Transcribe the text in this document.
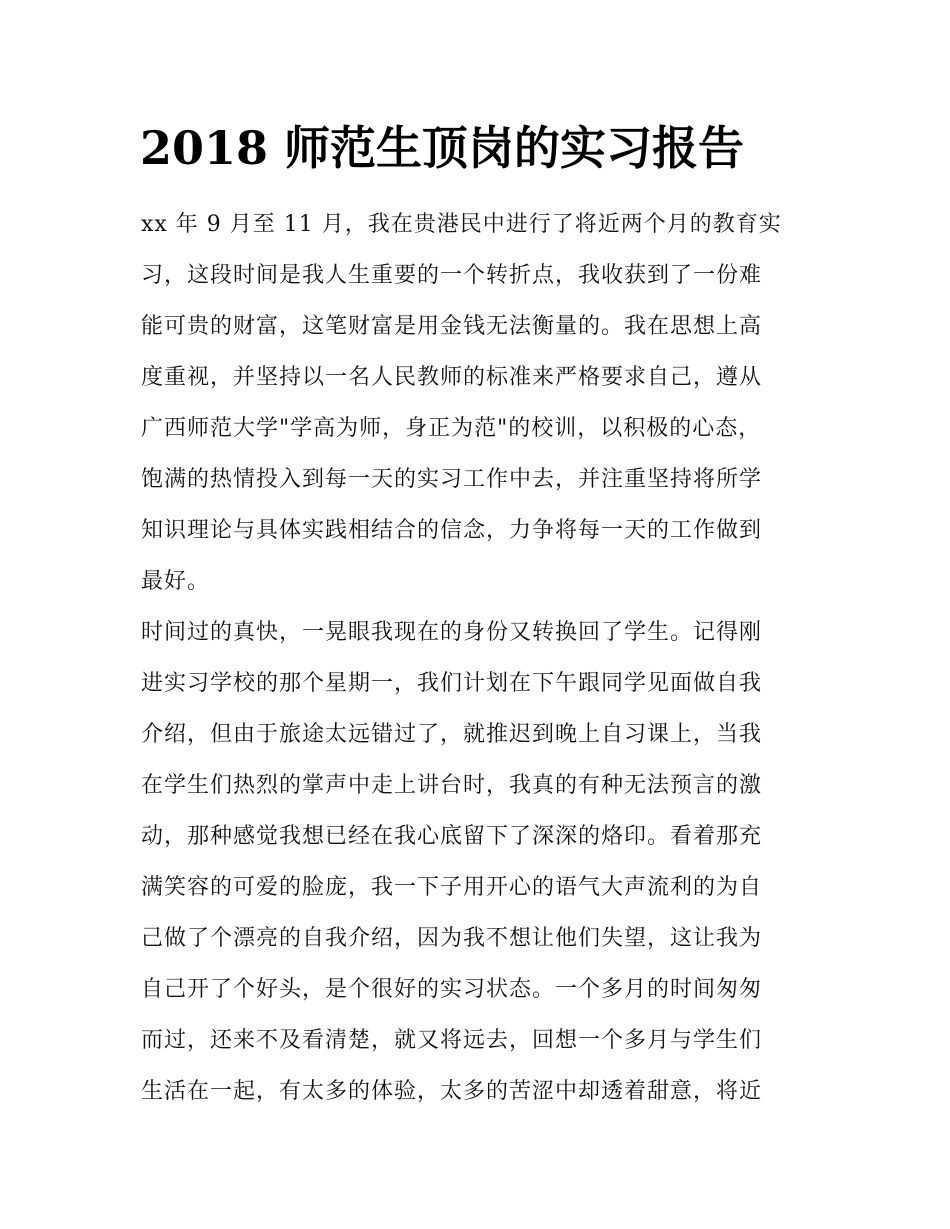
2018 师范生顶岗的实习报告

xx 年 9 月至 11 月，我在贵港民中进行了将近两个月的教育实
习，这段时间是我人生重要的一个转折点，我收获到了一份难
能可贵的财富，这笔财富是用金钱无法衡量的。我在思想上高
度重视，并坚持以一名人民教师的标准来严格要求自己，遵从
广西师范大学"学高为师，身正为范"的校训，以积极的心态，
饱满的热情投入到每一天的实习工作中去，并注重坚持将所学
知识理论与具体实践相结合的信念，力争将每一天的工作做到
最好。

时间过的真快，一晃眼我现在的身份又转换回了学生。记得刚
进实习学校的那个星期一，我们计划在下午跟同学见面做自我
介绍，但由于旅途太远错过了，就推迟到晚上自习课上，当我
在学生们热烈的掌声中走上讲台时，我真的有种无法预言的激
动，那种感觉我想已经在我心底留下了深深的烙印。看着那充
满笑容的可爱的脸庞，我一下子用开心的语气大声流利的为自
己做了个漂亮的自我介绍，因为我不想让他们失望，这让我为
自己开了个好头，是个很好的实习状态。一个多月的时间匆匆
而过，还来不及看清楚，就又将远去，回想一个多月与学生们
生活在一起，有太多的体验，太多的苦涩中却透着甜意，将近
